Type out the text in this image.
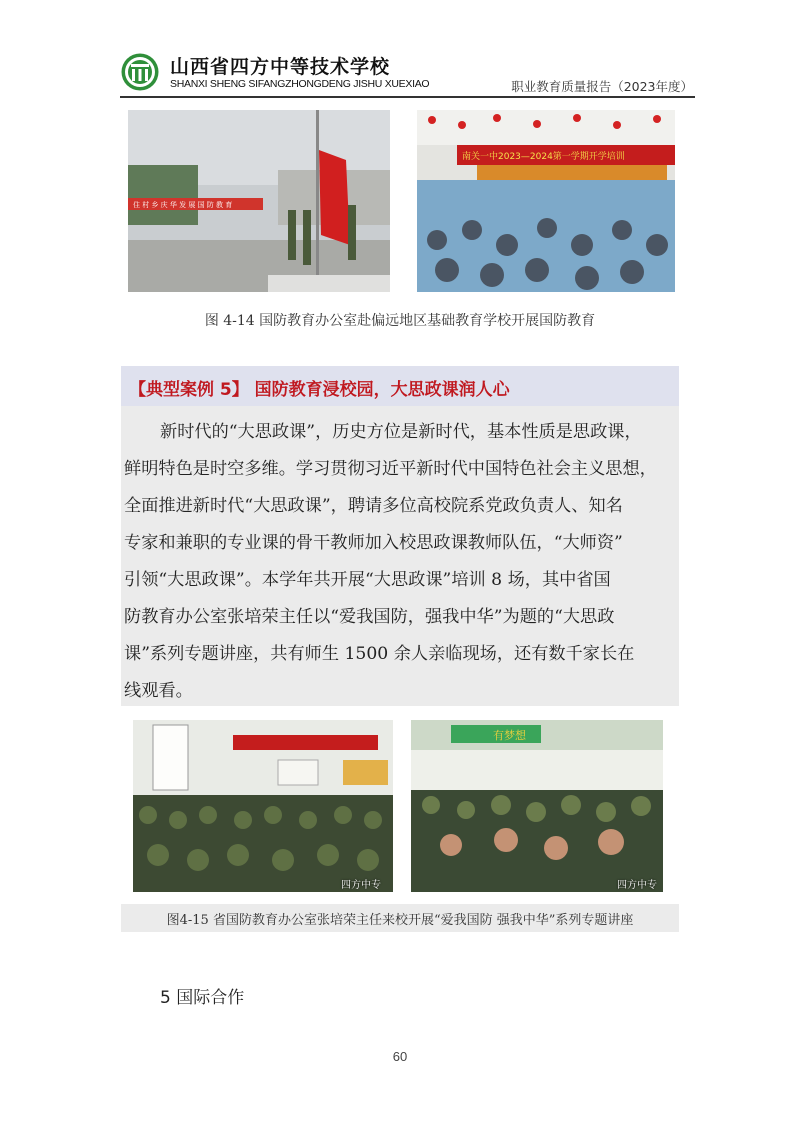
山西省四方中等技术学校
SHANXI SHENG SIFANGZHONGDENG JISHU XUEXIAO	职业教育质量报告（2023年度）
住 村 乡 庆 华 发 展 国 防 教 育
南关一中2023—2024第一学期开学培训
图 4-14 国防教育办公室赴偏远地区基础教育学校开展国防教育
【典型案例 5】 国防教育浸校园，大思政课润人心
新时代的“大思政课”，历史方位是新时代，基本性质是思政课，
鲜明特色是时空多维。学习贯彻习近平新时代中国特色社会主义思想，
全面推进新时代“大思政课”，聘请多位高校院系党政负责人、知名
专家和兼职的专业课的骨干教师加入校思政课教师队伍，“大师资”
引领“大思政课”。本学年共开展“大思政课”培训 8 场，其中省国
防教育办公室张培荣主任以“爱我国防，强我中华”为题的“大思政
课”系列专题讲座，共有师生 1500 余人亲临现场，还有数千家长在
线观看。
四方中专
有梦想
四方中专
图4-15 省国防教育办公室张培荣主任来校开展“爱我国防 强我中华”系列专题讲座
5 国际合作
60
